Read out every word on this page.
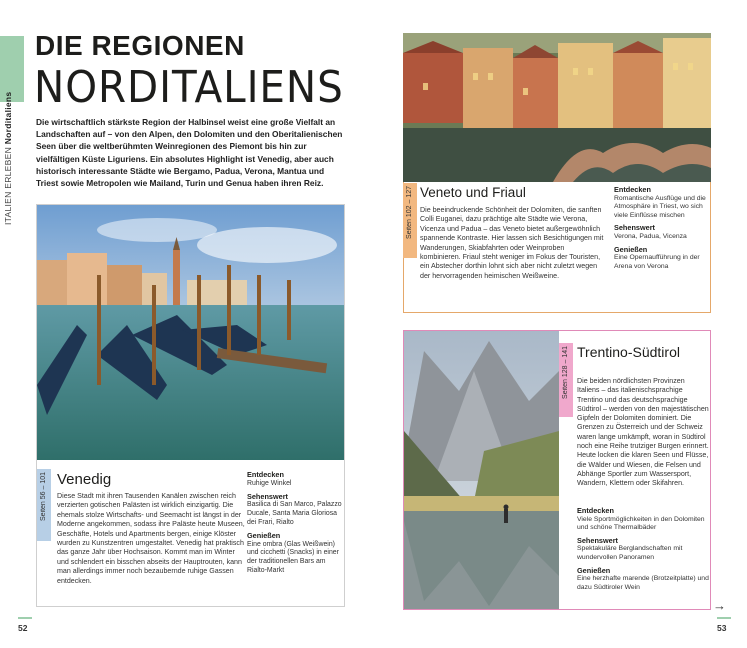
ITALIEN ERLEBEN Norditaliens
DIE REGIONEN
NORDITALIENS
Die wirtschaftlich stärkste Region der Halbinsel weist eine große Vielfalt an Landschaften auf – von den Alpen, den Dolomiten und den Oberitalienischen Seen über die weltberühmten Weinregionen des Piemont bis hin zur vielfältigen Küste Liguriens. Ein absolutes Highlight ist Venedig, aber auch historisch interessante Städte wie Bergamo, Padua, Verona, Mantua und Triest sowie Metropolen wie Mailand, Turin und Genua haben ihren Reiz.
Seiten 56 – 101 Venedig
Diese Stadt mit ihren Tausenden Kanälen zwischen reich verzierten gotischen Palästen ist wirklich einzigartig. Die ehemals stolze Wirtschafts- und Seemacht ist längst in der Moderne angekommen, sodass ihre Paläste heute Museen, Geschäfte, Hotels und Apartments bergen, einige Klöster wurden zu Kunstzentren umgestaltet. Venedig hat praktisch das ganze Jahr über Hochsaison. Kommt man im Winter und schlendert ein bisschen abseits der Hauptrouten, kann man allerdings immer noch bezaubernde ruhige Gassen entdecken.
Entdecken
Ruhige Winkel
Sehenswert
Basilica di San Marco, Palazzo Ducale, Santa Maria Gloriosa dei Frari, Rialto
Genießen
Eine ombra (Glas Weißwein) und cicchetti (Snacks) in einer der traditionellen Bars am Rialto-Markt
Seiten 102 – 127 Veneto und Friaul
Die beeindruckende Schönheit der Dolomiten, die sanften Colli Euganei, dazu prächtige alte Städte wie Verona, Vicenza und Padua – das Veneto bietet außergewöhnlich spannende Kontraste. Hier lassen sich Besichtigungen mit Wanderungen, Skiabfahrten oder Weinproben kombinieren. Friaul steht weniger im Fokus der Touristen, ein Abstecher dorthin lohnt sich aber nicht zuletzt wegen der hervorragenden heimischen Weißweine.
Entdecken
Romantische Ausflüge und die Atmosphäre in Triest, wo sich viele Einflüsse mischen
Sehenswert
Verona, Padua, Vicenza
Genießen
Eine Opernaufführung in der Arena von Verona
Seiten 128 – 141 Trentino-Südtirol
Die beiden nördlichsten Provinzen Italiens – das italienischsprachige Trentino und das deutschsprachige Südtirol – werden von den majestätischen Gipfeln der Dolomiten dominiert. Die Grenzen zu Österreich und der Schweiz waren lange umkämpft, woran in Südtirol noch eine Reihe trutziger Burgen erinnert. Heute locken die klaren Seen und Flüsse, die Wälder und Wiesen, die Felsen und Abhänge Sportler zum Wassersport, Wandern, Klettern oder Skifahren.
Entdecken
Viele Sportmöglichkeiten in den Dolomiten und schöne Thermalbäder
Sehenswert
Spektakuläre Berglandschaften mit wundervollen Panoramen
Genießen
Eine herzhafte marende (Brotzeitplatte) und dazu Südtiroler Wein
52	53
→
